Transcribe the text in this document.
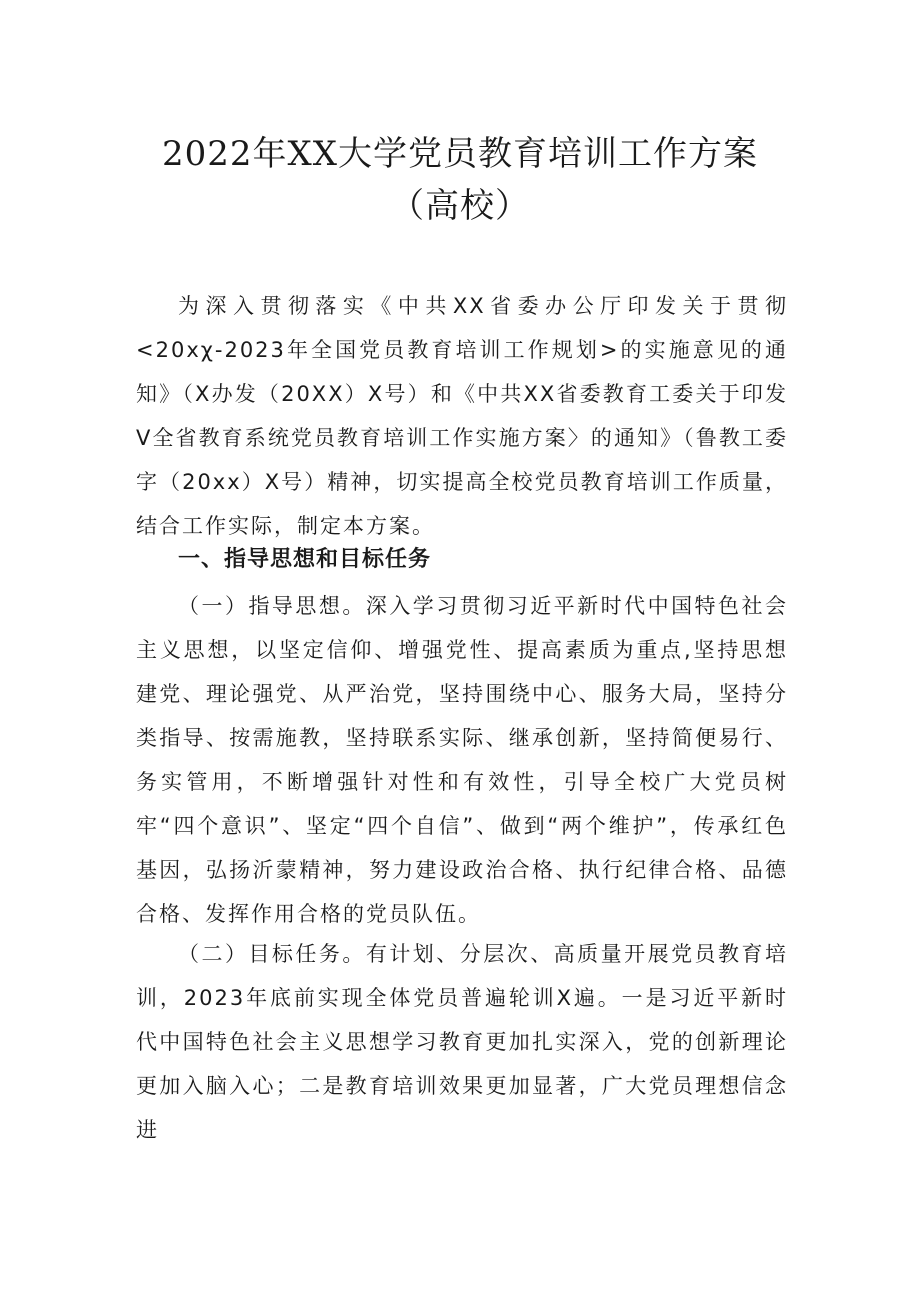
2022年XX大学党员教育培训工作方案（高校）

为深入贯彻落实《中共XX省委办公厅印发关于贯彻<20xχ-2023年全国党员教育培训工作规划>的实施意见的通知》（X办发（20XX）X号）和《中共XX省委教育工委关于印发Ⅴ全省教育系统党员教育培训工作实施方案〉的通知》（鲁教工委字（20xx）X号）精神，切实提高全校党员教育培训工作质量，结合工作实际，制定本方案。

一、指导思想和目标任务

（一）指导思想。深入学习贯彻习近平新时代中国特色社会主义思想，以坚定信仰、增强党性、提高素质为重点,坚持思想建党、理论强党、从严治党，坚持围绕中心、服务大局，坚持分类指导、按需施教，坚持联系实际、继承创新，坚持简便易行、务实管用，不断增强针对性和有效性，引导全校广大党员树牢“四个意识”、坚定“四个自信”、做到“两个维护”，传承红色基因，弘扬沂蒙精神，努力建设政治合格、执行纪律合格、品德合格、发挥作用合格的党员队伍。

（二）目标任务。有计划、分层次、高质量开展党员教育培训，2023年底前实现全体党员普遍轮训X遍。一是习近平新时代中国特色社会主义思想学习教育更加扎实深入，党的创新理论更加入脑入心；二是教育培训效果更加显著，广大党员理想信念进
